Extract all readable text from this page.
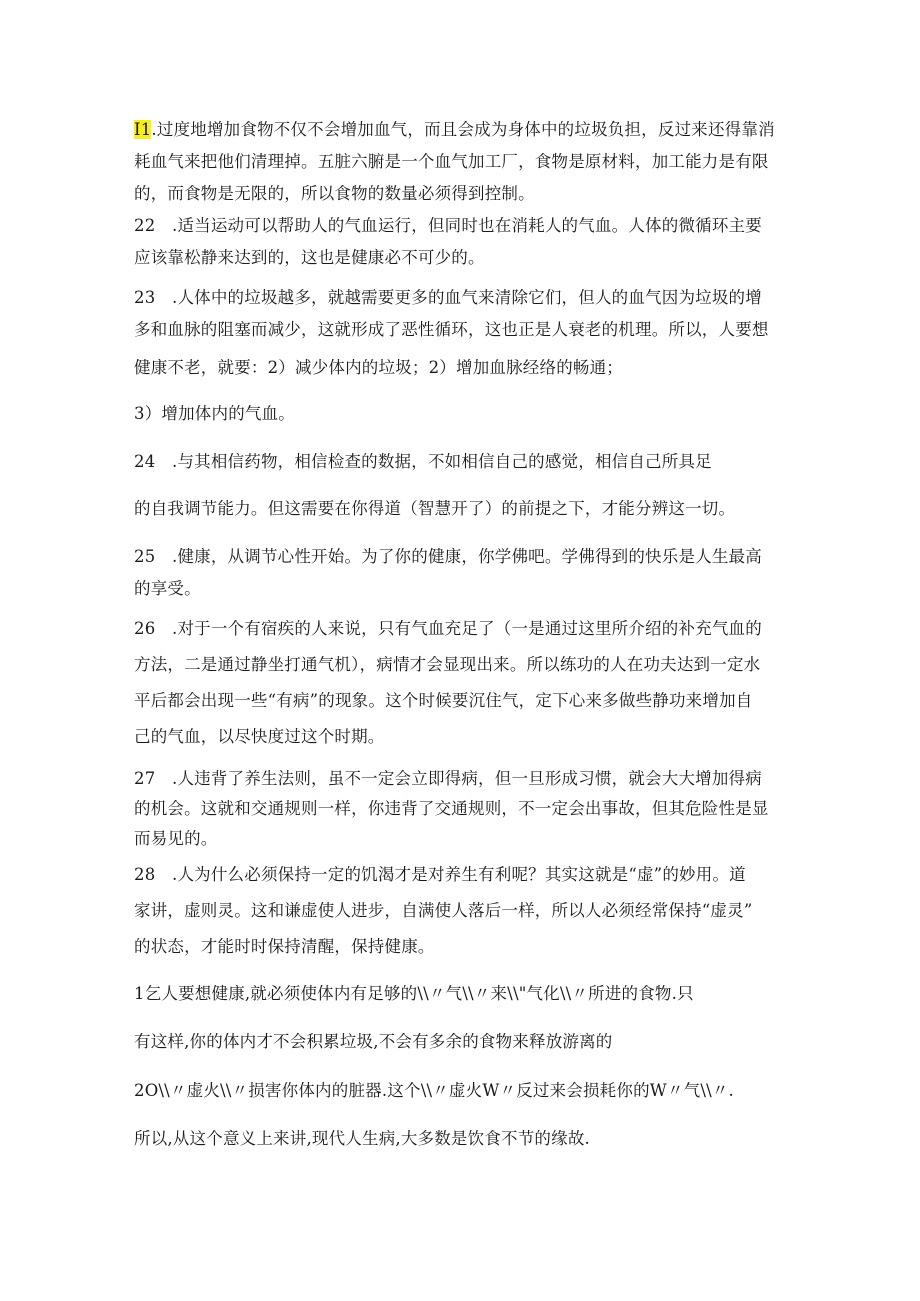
I1.过度地增加食物不仅不会增加血气，而且会成为身体中的垃圾负担，反过来还得靠消

耗血气来把他们清理掉。五脏六腑是一个血气加工厂，食物是原材料，加工能力是有限

的，而食物是无限的，所以食物的数量必须得到控制。

22 .适当运动可以帮助人的气血运行，但同时也在消耗人的气血。人体的微循环主要

应该靠松静来达到的，这也是健康必不可少的。

23 .人体中的垃圾越多，就越需要更多的血气来清除它们，但人的血气因为垃圾的增

多和血脉的阻塞而减少，这就形成了恶性循环，这也正是人衰老的机理。所以，人要想

健康不老，就要：2）减少体内的垃圾；2）增加血脉经络的畅通；

3）增加体内的气血。

24 .与其相信药物，相信检查的数据，不如相信自己的感觉，相信自己所具足

的自我调节能力。但这需要在你得道（智慧开了）的前提之下，才能分辨这一切。

25 .健康，从调节心性开始。为了你的健康，你学佛吧。学佛得到的快乐是人生最高

的享受。

26 .对于一个有宿疾的人来说，只有气血充足了（一是通过这里所介绍的补充气血的

方法，二是通过静坐打通气机），病情才会显现出来。所以练功的人在功夫达到一定水

平后都会出现一些“有病”的现象。这个时候要沉住气，定下心来多做些静功来增加自

己的气血，以尽快度过这个时期。

27 .人违背了养生法则，虽不一定会立即得病，但一旦形成习惯，就会大大增加得病

的机会。这就和交通规则一样，你违背了交通规则，不一定会出事故，但其危险性是显

而易见的。

28 .人为什么必须保持一定的饥渴才是对养生有利呢？其实这就是“虚”的妙用。道

家讲，虚则灵。这和谦虚使人进步，自满使人落后一样，所以人必须经常保持“虚灵”

的状态，才能时时保持清醒，保持健康。

1乞人要想健康,就必须使体内有足够的\\〃气\\〃来\\"气化\\〃所进的食物.只

有这样,你的体内才不会积累垃圾,不会有多余的食物来释放游离的

2O\\〃虚火\\〃损害你体内的脏器.这个\\〃虚火W〃反过来会损耗你的W〃气\\〃.

所以,从这个意义上来讲,现代人生病,大多数是饮食不节的缘故.
